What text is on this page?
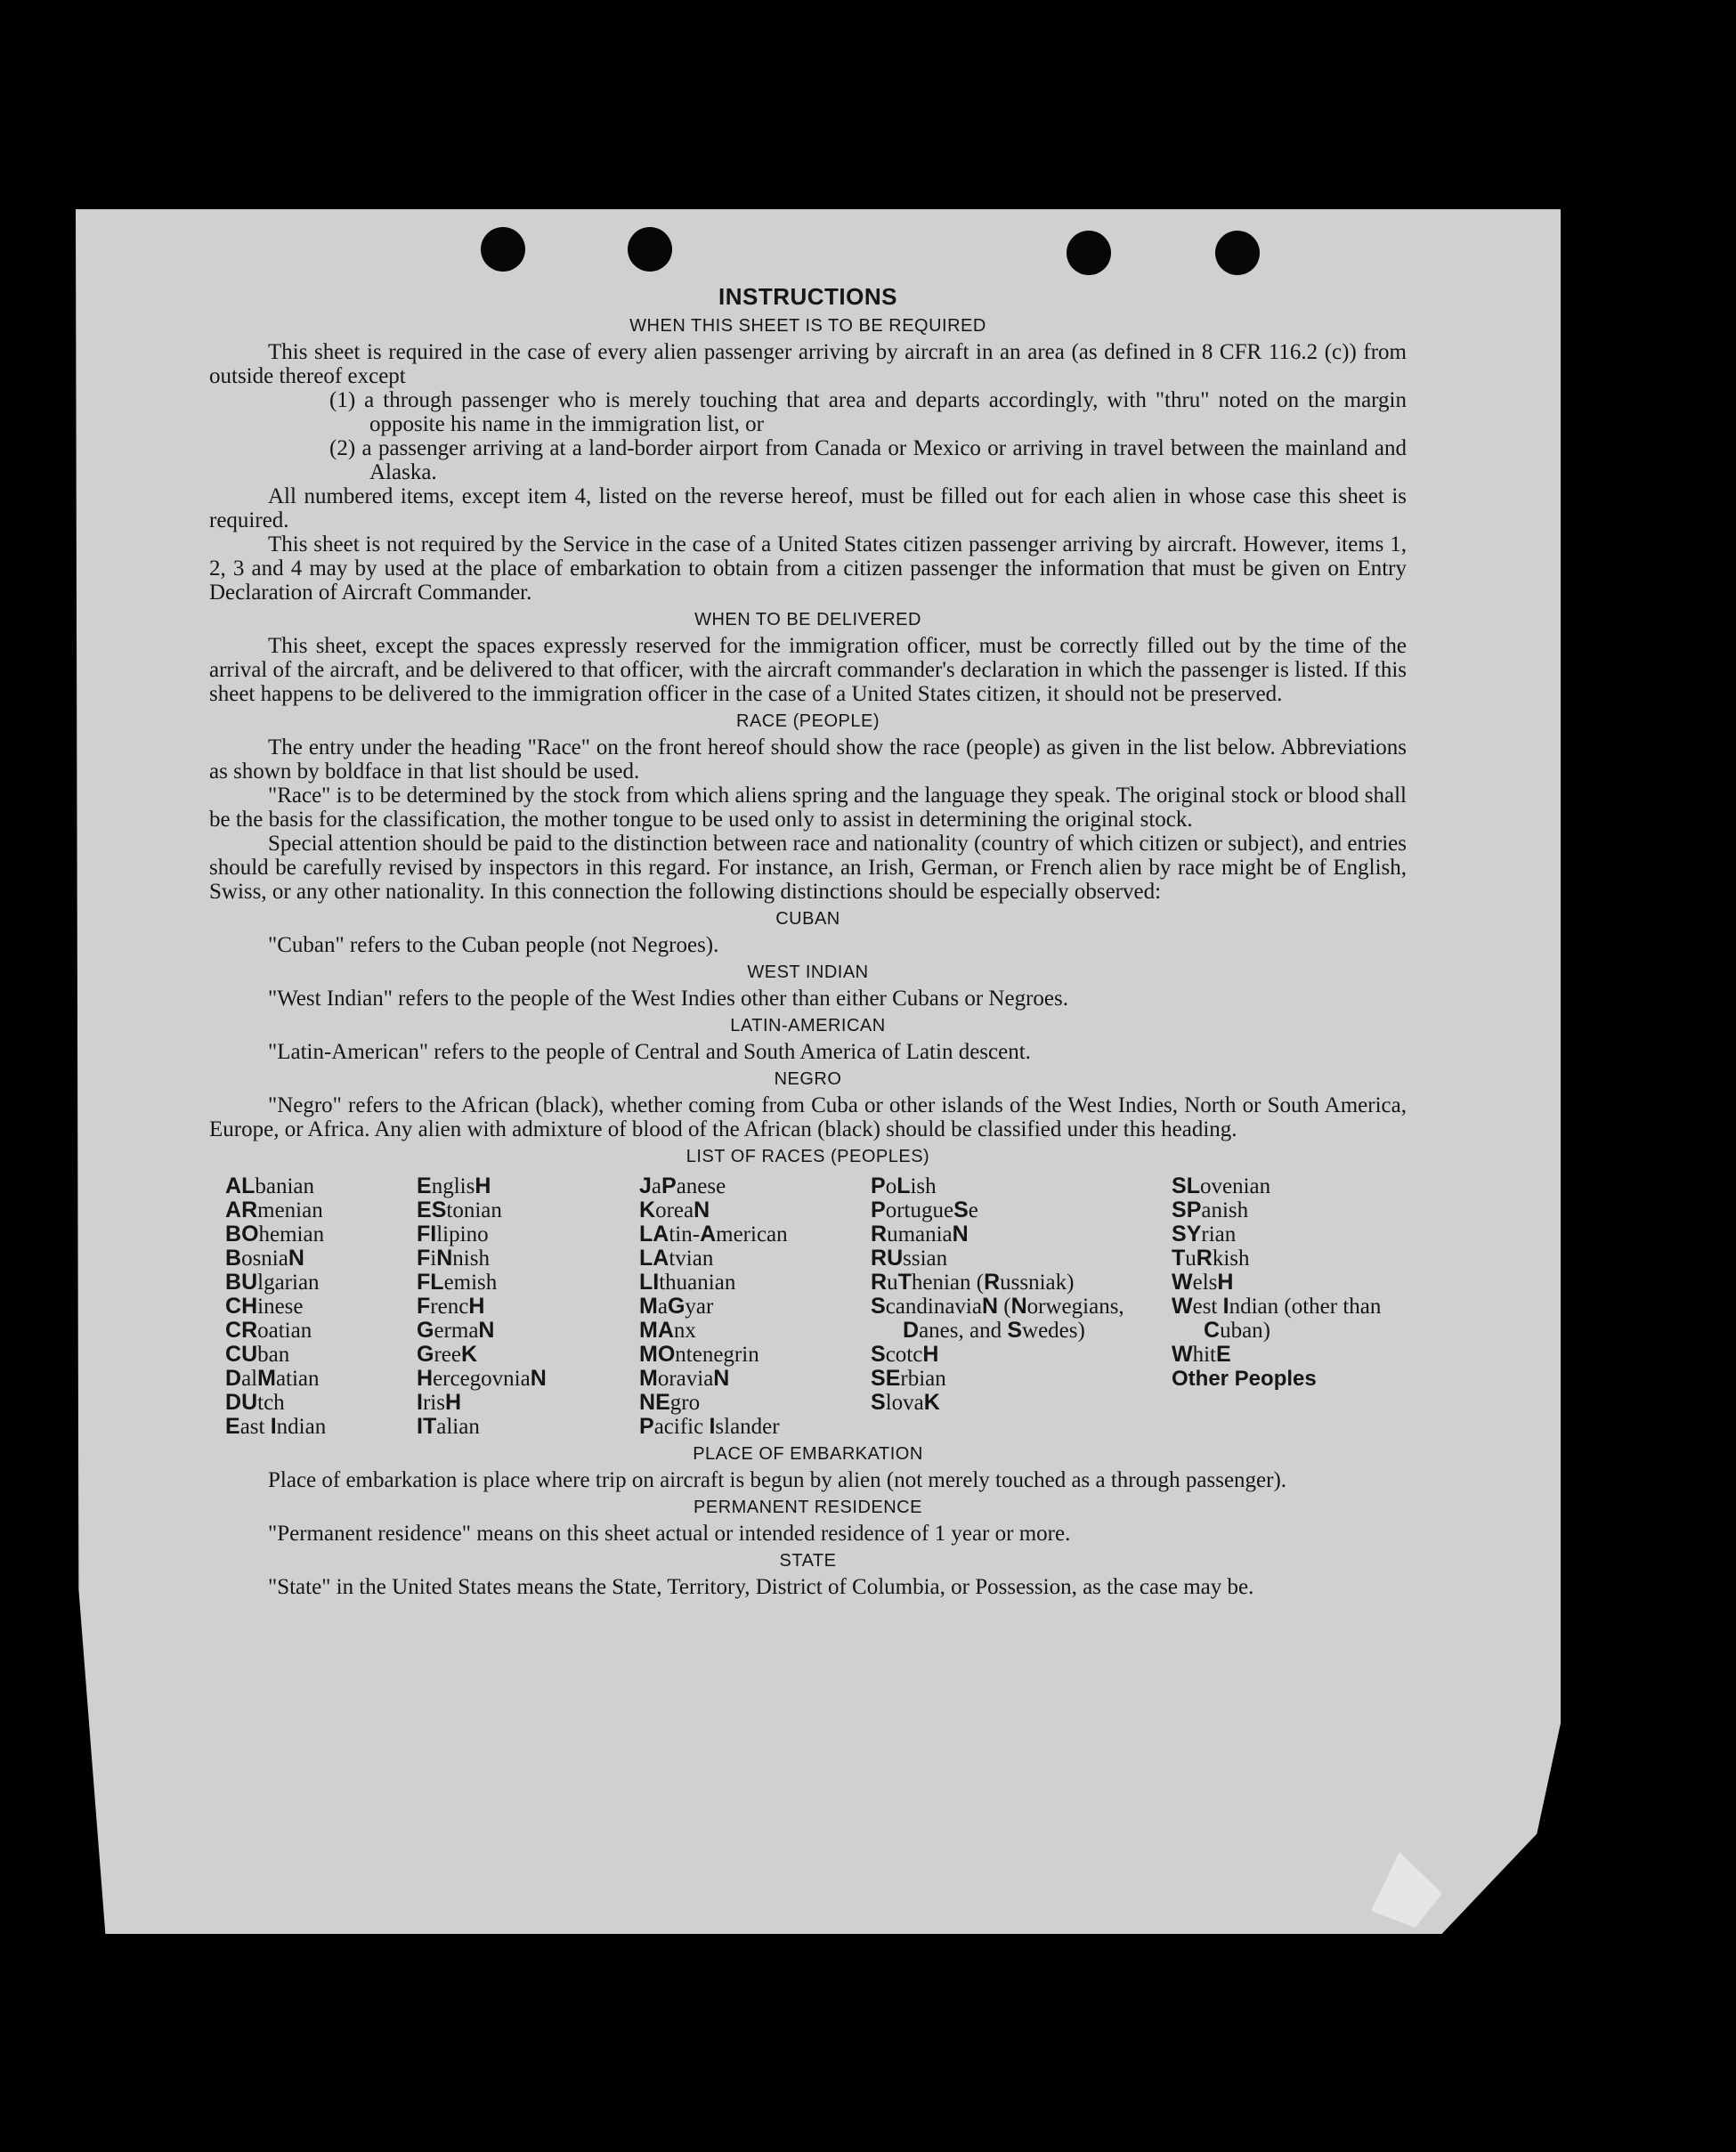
INSTRUCTIONS
WHEN THIS SHEET IS TO BE REQUIRED

This sheet is required in the case of every alien passenger arriving by aircraft in an area (as defined in 8 CFR 116.2 (c)) from outside thereof except

(1) a through passenger who is merely touching that area and departs accordingly, with "thru" noted on the margin opposite his name in the immigration list, or
(2) a passenger arriving at a land-border airport from Canada or Mexico or arriving in travel between the mainland and Alaska.

All numbered items, except item 4, listed on the reverse hereof, must be filled out for each alien in whose case this sheet is required.

This sheet is not required by the Service in the case of a United States citizen passenger arriving by aircraft. However, items 1, 2, 3 and 4 may by used at the place of embarkation to obtain from a citizen passenger the information that must be given on Entry Declaration of Aircraft Commander.

WHEN TO BE DELIVERED

This sheet, except the spaces expressly reserved for the immigration officer, must be correctly filled out by the time of the arrival of the aircraft, and be delivered to that officer, with the aircraft commander's declaration in which the passenger is listed. If this sheet happens to be delivered to the immigration officer in the case of a United States citizen, it should not be preserved.

RACE (PEOPLE)

The entry under the heading "Race" on the front hereof should show the race (people) as given in the list below. Abbreviations as shown by boldface in that list should be used.

"Race" is to be determined by the stock from which aliens spring and the language they speak. The original stock or blood shall be the basis for the classification, the mother tongue to be used only to assist in determining the original stock.

Special attention should be paid to the distinction between race and nationality (country of which citizen or subject), and entries should be carefully revised by inspectors in this regard. For instance, an Irish, German, or French alien by race might be of English, Swiss, or any other nationality. In this connection the following distinctions should be especially observed:

CUBAN

"Cuban" refers to the Cuban people (not Negroes).

WEST INDIAN

"West Indian" refers to the people of the West Indies other than either Cubans or Negroes.

LATIN-AMERICAN

"Latin-American" refers to the people of Central and South America of Latin descent.

NEGRO

"Negro" refers to the African (black), whether coming from Cuba or other islands of the West Indies, North or South America, Europe, or Africa. Any alien with admixture of blood of the African (black) should be classified under this heading.

LIST OF RACES (PEOPLES)
ALbanian
ARmenian
BOhemian
BosniaN
BUlgarian
CHinese
CRoatian
CUban
DalMatian
DUtch
East Indian
EnglisH
EStonian
FIlipino
FiNnish
FLemish
FrencH
GermaN
GreeK
HercegovniaN
IrisH
ITalian
JaPanese
KoreaN
LAtin-American
LAtvian
LIthuanian
MaGyar
MAnx
MOntenegrin
MoraviaN
NEgro
Pacific Islander
PoLish
PortugueSe
RumaniaN
RUssian
RuThenian (Russniak)
ScandinaviaN (Norwegians, Danes, and Swedes)
ScotcH
SErbian
SlovaK
SLovenian
SPanish
SYrian
TuRkish
WelsH
West Indian (other than Cuban)
WhitE
Other Peoples
PLACE OF EMBARKATION

Place of embarkation is place where trip on aircraft is begun by alien (not merely touched as a through passenger).

PERMANENT RESIDENCE

"Permanent residence" means on this sheet actual or intended residence of 1 year or more.

STATE

"State" in the United States means the State, Territory, District of Columbia, or Possession, as the case may be.
